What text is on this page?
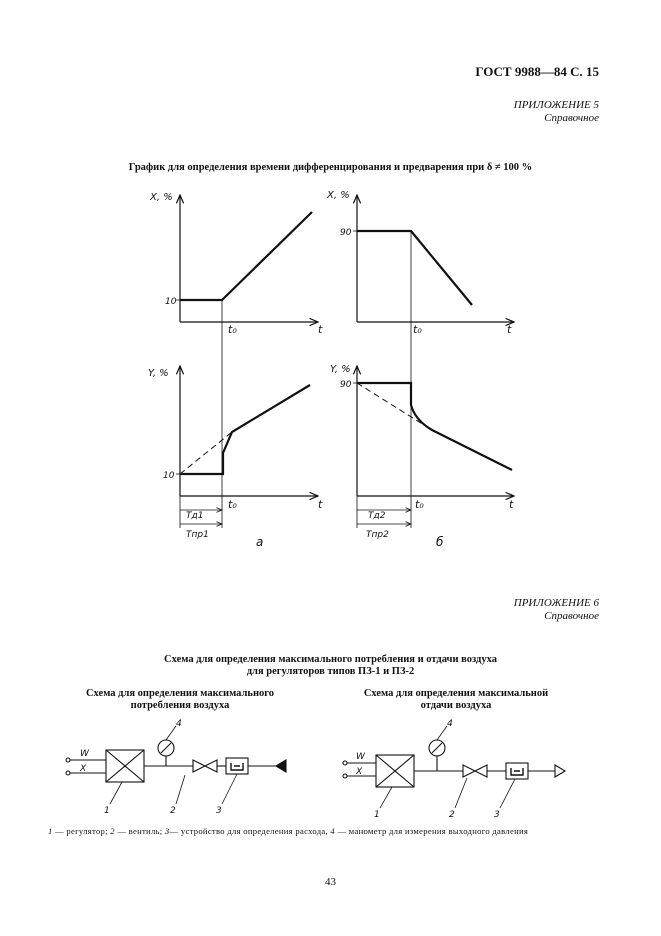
ГОСТ 9988—84 С. 15
ПРИЛОЖЕНИЕ 5
Справочное
График для определения времени дифференцирования и предварения при δ ≠ 100 %
X, %	X, %
Y, %	Y, %
10
90
10
90
t	t
t	t
t₀	t₀
t₀	t₀
Tд1
Tпр1
Tд2
Tпр2
а	б
ПРИЛОЖЕНИЕ 6
Справочное
Схема для определения максимального потребления и отдачи воздуха
для регуляторов типов ПЗ-1 и ПЗ-2
Схема для определения максимального
потребления воздуха
Схема для определения максимальной
отдачи воздуха
W
X
4
1	2	3
W
X
4
1	2	3
1 — регулятор; 2 — вентиль; 3— устройство для определения расхода, 4 — манометр для измерения выходного давления
43
